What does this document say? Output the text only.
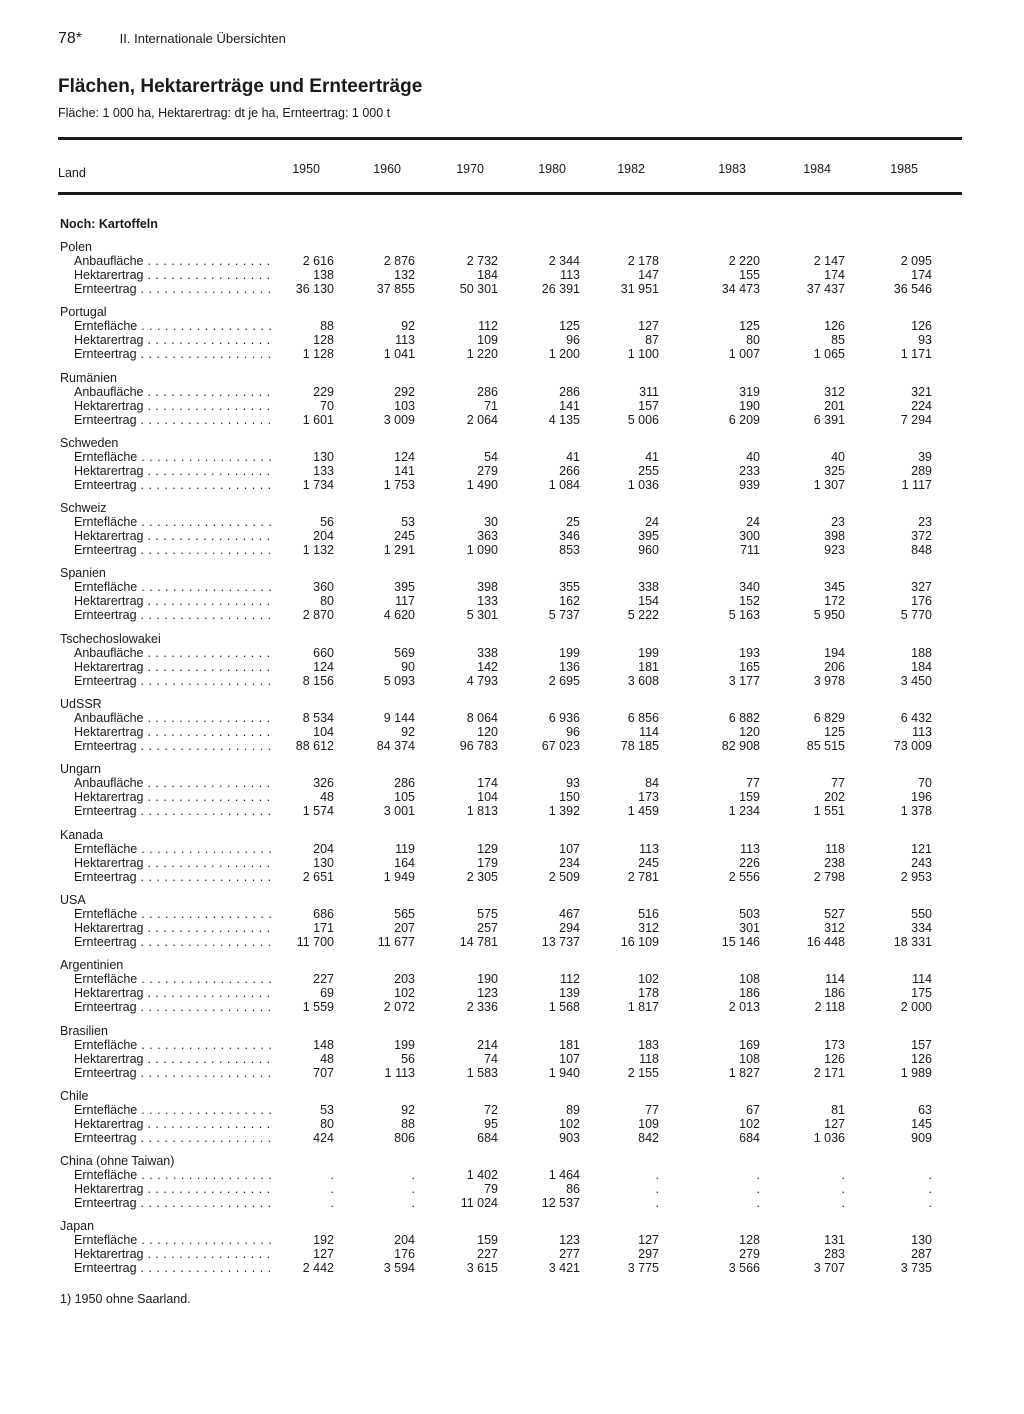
78*	II. Internationale Übersichten
Flächen, Hektarerträge und Ernteerträge
Fläche: 1 000 ha, Hektarertrag: dt je ha, Ernteertrag: 1 000 t
Land	1950	1960	1970	1980	1982	1983	1984	1985
Noch: Kartoffeln
Polen
Anbaufläche . . .	2 616	2 876	2 732	2 344	2 178	2 220	2 147	2 095
Hektarertrag . . .	138	132	184	113	147	155	174	174
Ernteertrag . . .	36 130	37 855	50 301	26 391	31 951	34 473	37 437	36 546
Portugal
Erntefläche . . .	88	92	112	125	127	125	126	126
Hektarertrag . . .	128	113	109	96	87	80	85	93
Ernteertrag . . .	1 128	1 041	1 220	1 200	1 100	1 007	1 065	1 171
Rumänien
Anbaufläche . . .	229	292	286	286	311	319	312	321
Hektarertrag . . .	70	103	71	141	157	190	201	224
Ernteertrag . . .	1 601	3 009	2 064	4 135	5 006	6 209	6 391	7 294
Schweden
Erntefläche . . .	130	124	54	41	41	40	40	39
Hektarertrag . . .	133	141	279	266	255	233	325	289
Ernteertrag . . .	1 734	1 753	1 490	1 084	1 036	939	1 307	1 117
Schweiz
Erntefläche . . .	56	53	30	25	24	24	23	23
Hektarertrag . . .	204	245	363	346	395	300	398	372
Ernteertrag . . .	1 132	1 291	1 090	853	960	711	923	848
Spanien
Erntefläche . . .	360	395	398	355	338	340	345	327
Hektarertrag . . .	80	117	133	162	154	152	172	176
Ernteertrag . . .	2 870	4 620	5 301	5 737	5 222	5 163	5 950	5 770
Tschechoslowakei
Anbaufläche . . .	660	569	338	199	199	193	194	188
Hektarertrag . . .	124	90	142	136	181	165	206	184
Ernteertrag . . .	8 156	5 093	4 793	2 695	3 608	3 177	3 978	3 450
UdSSR
Anbaufläche . . .	8 534	9 144	8 064	6 936	6 856	6 882	6 829	6 432
Hektarertrag . . .	104	92	120	96	114	120	125	113
Ernteertrag . . .	88 612	84 374	96 783	67 023	78 185	82 908	85 515	73 009
Ungarn
Anbaufläche . . .	326	286	174	93	84	77	77	70
Hektarertrag . . .	48	105	104	150	173	159	202	196
Ernteertrag . . .	1 574	3 001	1 813	1 392	1 459	1 234	1 551	1 378
Kanada
Erntefläche . . .	204	119	129	107	113	113	118	121
Hektarertrag . . .	130	164	179	234	245	226	238	243
Ernteertrag . . .	2 651	1 949	2 305	2 509	2 781	2 556	2 798	2 953
USA
Erntefläche . . .	686	565	575	467	516	503	527	550
Hektarertrag . . .	171	207	257	294	312	301	312	334
Ernteertrag . . .	11 700	11 677	14 781	13 737	16 109	15 146	16 448	18 331
Argentinien
Erntefläche . . .	227	203	190	112	102	108	114	114
Hektarertrag . . .	69	102	123	139	178	186	186	175
Ernteertrag . . .	1 559	2 072	2 336	1 568	1 817	2 013	2 118	2 000
Brasilien
Erntefläche . . .	148	199	214	181	183	169	173	157
Hektarertrag . . .	48	56	74	107	118	108	126	126
Ernteertrag . . .	707	1 113	1 583	1 940	2 155	1 827	2 171	1 989
Chile
Erntefläche . . .	53	92	72	89	77	67	81	63
Hektarertrag . . .	80	88	95	102	109	102	127	145
Ernteertrag . . .	424	806	684	903	842	684	1 036	909
China (ohne Taiwan)
Erntefläche . . .	.	.	1 402	1 464	.	.	.	.
Hektarertrag . . .	.	.	79	86	.	.	.	.
Ernteertrag . . .	.	.	11 024	12 537	.	.	.	.
Japan
Erntefläche . . .	192	204	159	123	127	128	131	130
Hektarertrag . . .	127	176	227	277	297	279	283	287
Ernteertrag . . .	2 442	3 594	3 615	3 421	3 775	3 566	3 707	3 735
1) 1950 ohne Saarland.
